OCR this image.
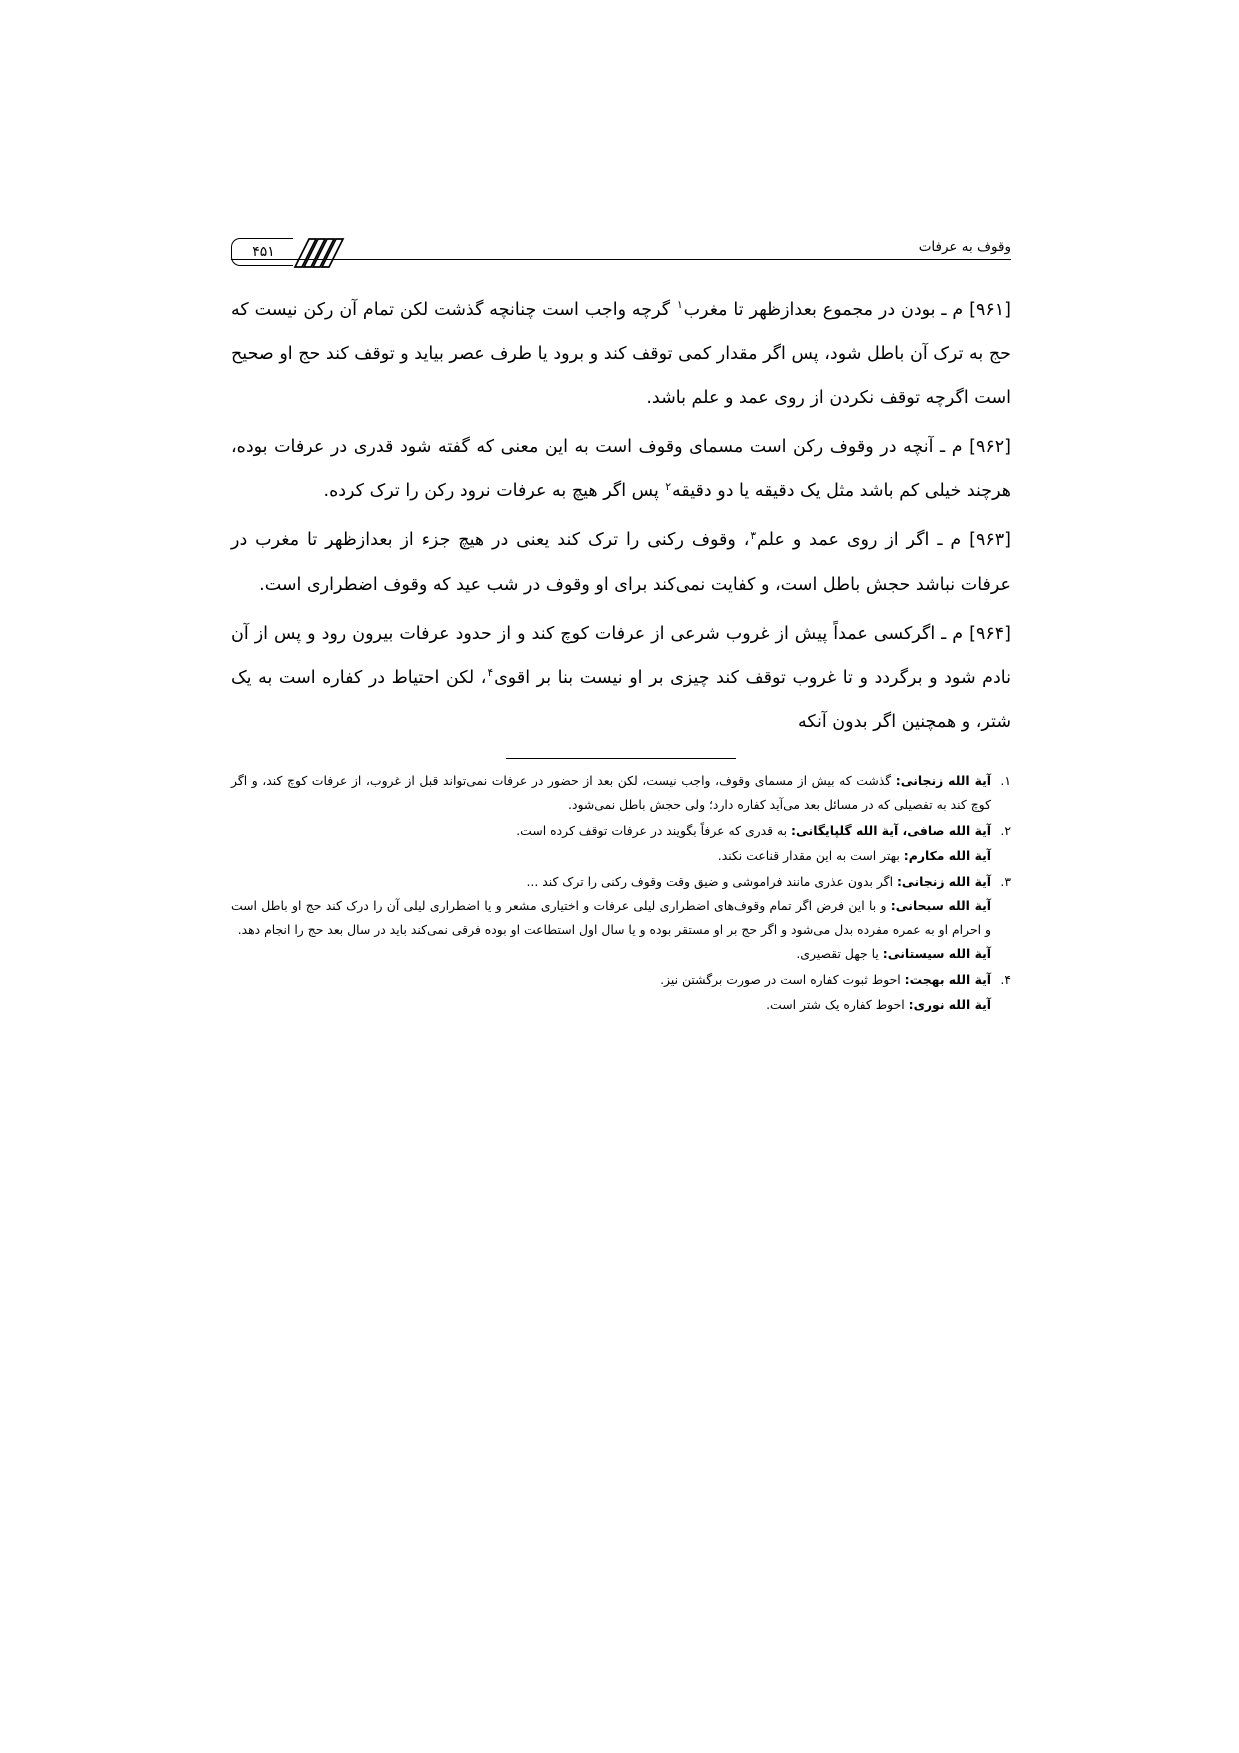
وقوف به عرفات
۴۵۱

[۹۶۱] م ـ بودن در مجموع بعدازظهر تا مغرب$^۱$ گرچه واجب است چنانچه گذشت لکن تمام آن رکن نیست که حج به ترک آن باطل شود، پس اگر مقدار کمی توقف کند و برود یا طرف عصر بیاید و توقف کند حج او صحیح است اگرچه توقف نکردن از روی عمد و علم باشد.

[۹۶۲] م ـ آنچه در وقوف رکن است مسمای وقوف است به این معنی که گفته شود قدری در عرفات بوده، هرچند خیلی کم باشد مثل یک دقیقه یا دو دقیقه$^۲$ پس اگر هیچ به عرفات نرود رکن را ترک کرده.

[۹۶۳] م ـ اگر از روی عمد و علم$^۳$، وقوف رکنی را ترک کند یعنی در هیچ جزء از بعدازظهر تا مغرب در عرفات نباشد حجش باطل است، و کفایت نمی‌کند برای او وقوف در شب عید که وقوف اضطراری است.

[۹۶۴] م ـ اگرکسی عمداً پیش از غروب شرعی از عرفات کوچ کند و از حدود عرفات بیرون رود و پس از آن نادم شود و برگردد و تا غروب توقف کند چیزی بر او نیست بنا بر اقوی$^۴$، لکن احتیاط در کفاره است به یک شتر، و همچنین اگر بدون آنکه

۱.
آیة الله زنجانی: گذشت که بیش از مسمای وقوف، واجب نیست، لکن بعد از حضور در عرفات نمی‌تواند قبل از غروب، از عرفات کوچ کند، و اگر کوچ کند به تفصیلی که در مسائل بعد می‌آید کفاره دارد؛ ولی حجش باطل نمی‌شود.
۲.
آیة الله صافی، آیة الله گلپایگانی: به قدری که عرفاً بگویند در عرفات توقف کرده است.
آیة الله مکارم: بهتر است به این مقدار قناعت نکند.
۳.
آیة الله زنجانی: اگر بدون عذری مانند فراموشی و ضیق وقت وقوف رکنی را ترک کند ...
آیة الله سبحانی: و با این فرض اگر تمام وقوف‌های اضطراری لیلی عرفات و اختیاری مشعر و یا اضطراری لیلی آن را درک کند حج او باطل است و احرام او به عمره مفرده بدل می‌شود و اگر حج بر او مستقر بوده و یا سال اول استطاعت او بوده فرقی نمی‌کند باید در سال بعد حج را انجام دهد.
آیة الله سیستانی: یا جهل تقصیری.
۴.
آیة الله بهجت: احوط ثبوت کفاره است در صورت برگشتن نیز.
آیة الله نوری: احوط کفاره یک شتر است.
